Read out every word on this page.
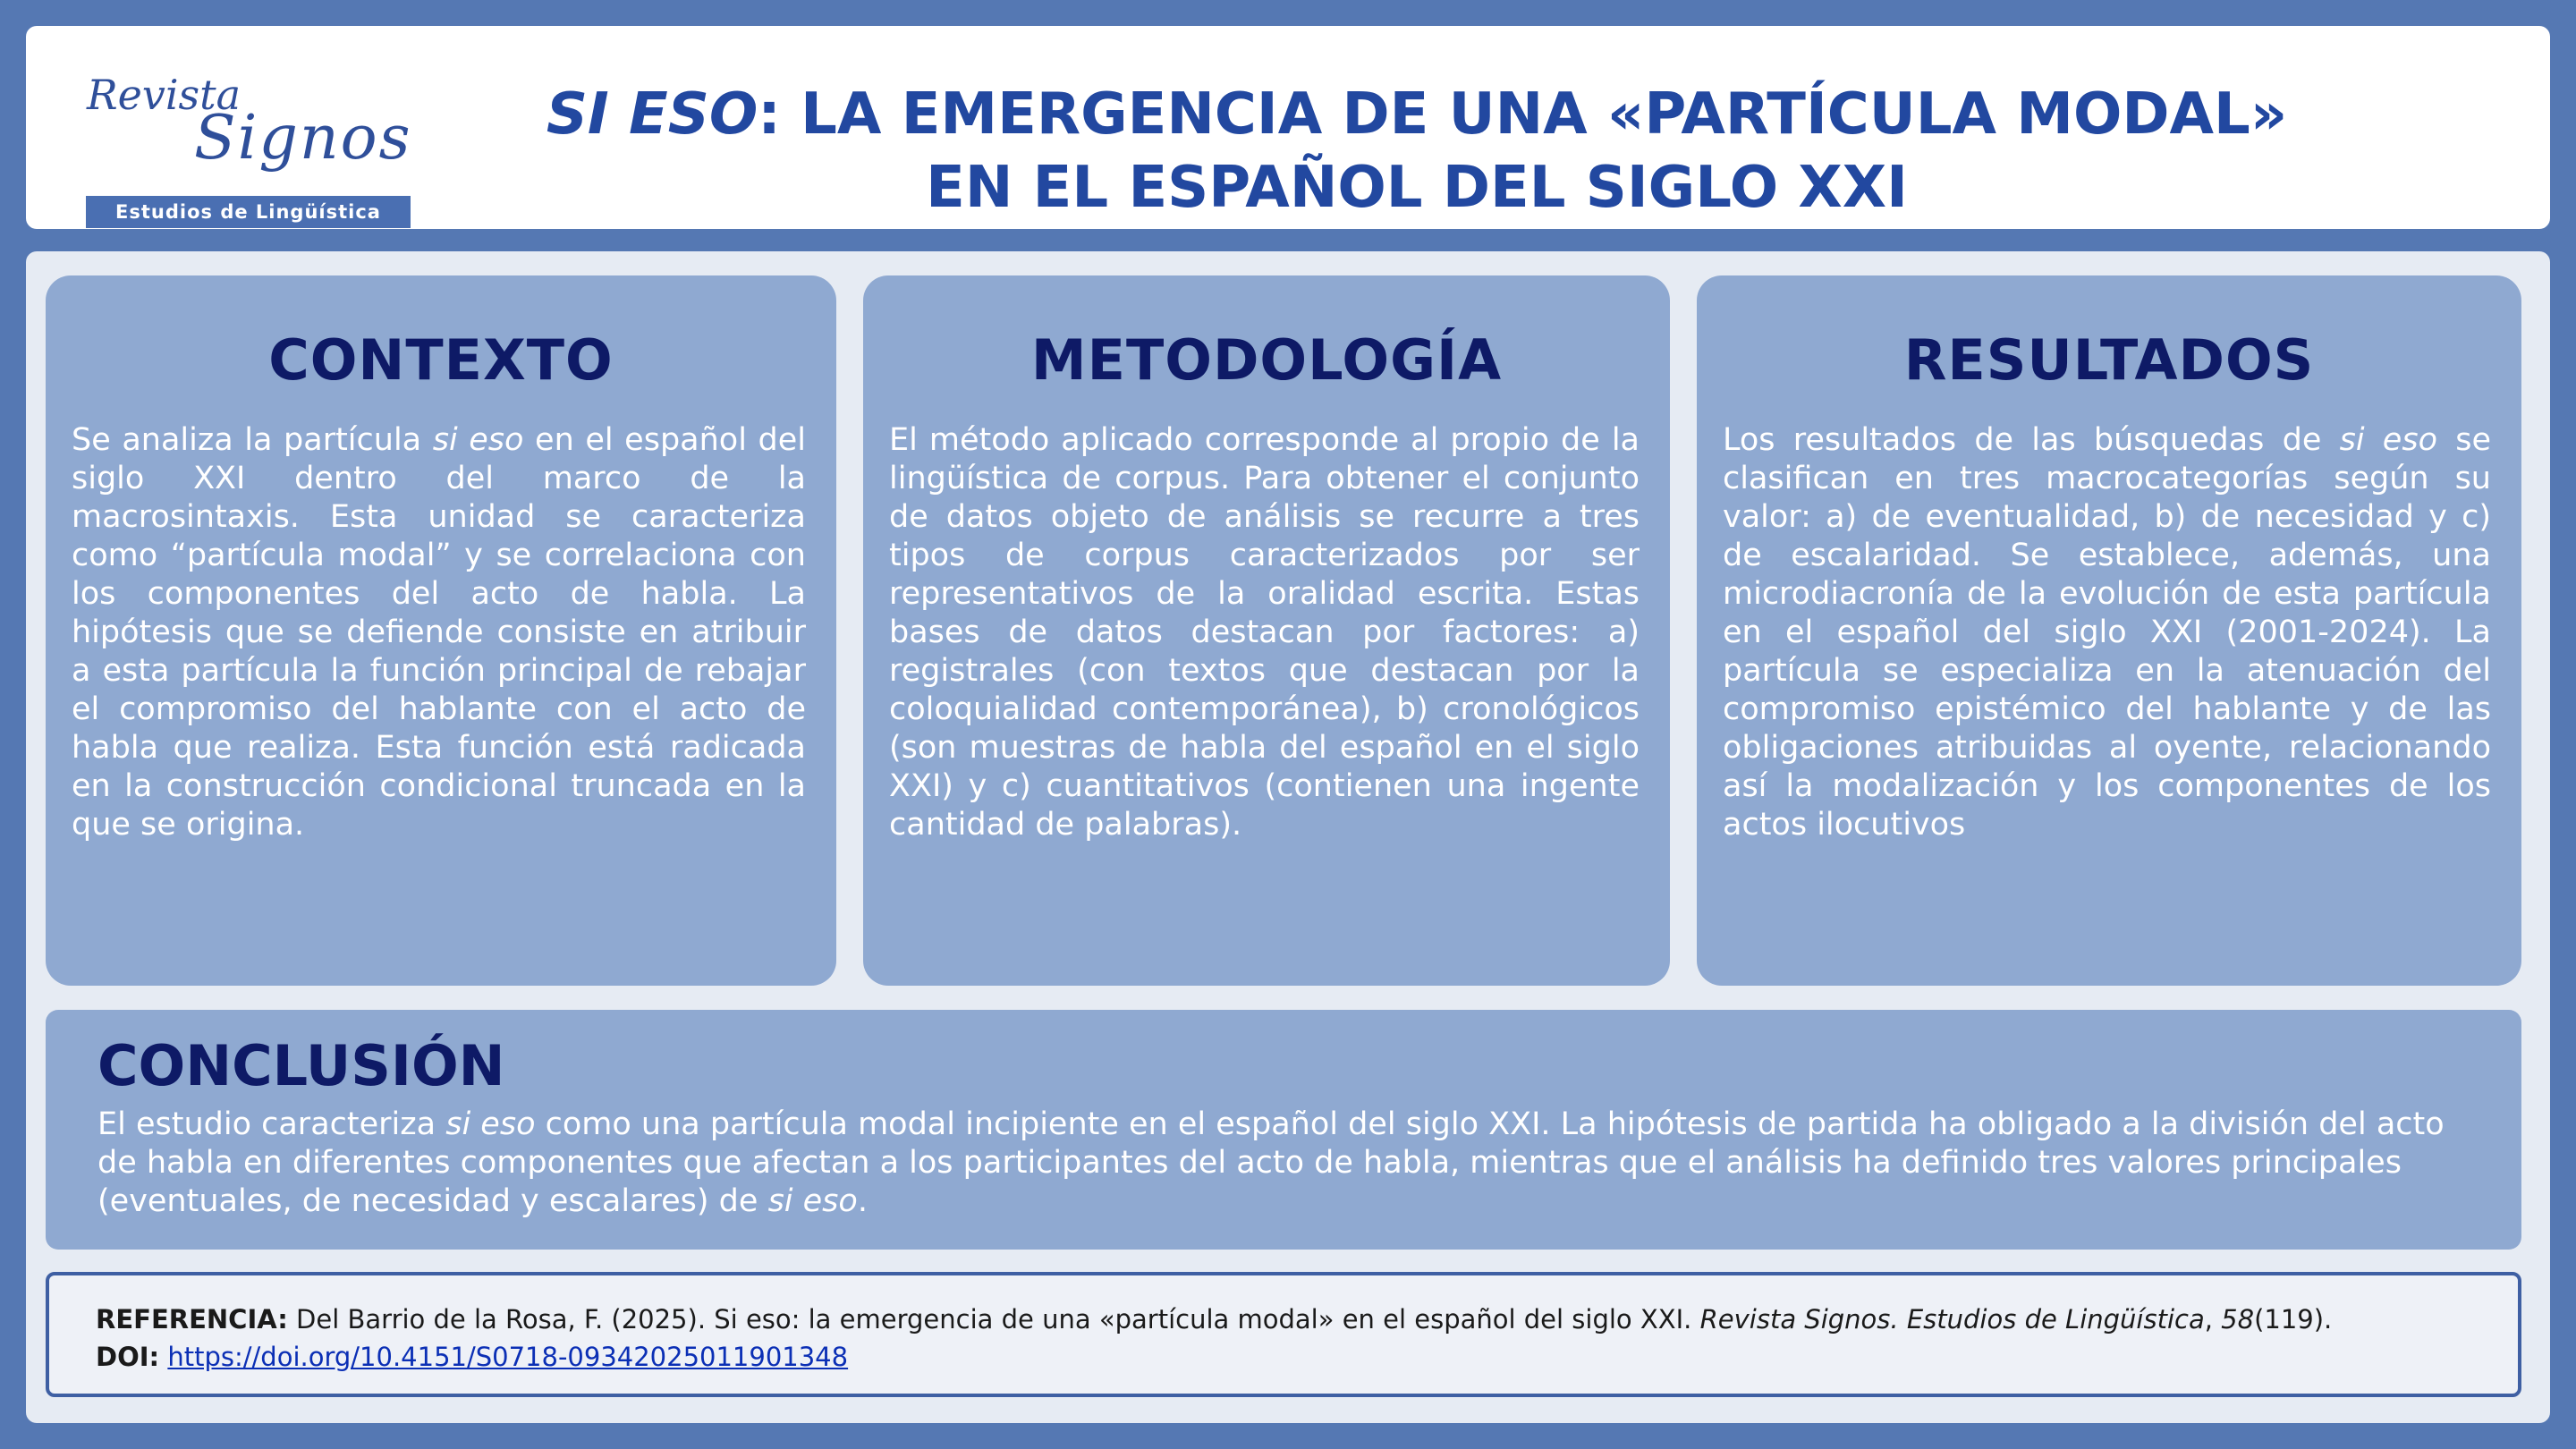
Revista
Signos
Estudios de Lingüística
SI ESO: LA EMERGENCIA DE UNA «PARTÍCULA MODAL»
EN EL ESPAÑOL DEL SIGLO XXI
CONTEXTO

Se analiza la partícula si eso en el español del siglo XXI dentro del marco de la macrosintaxis. Esta unidad se caracteriza como “partícula modal” y se correlaciona con los componentes del acto de habla. La hipótesis que se defiende consiste en atribuir a esta partícula la función principal de rebajar el compromiso del hablante con el acto de habla que realiza. Esta función está radicada en la construcción condicional truncada en la que se origina.

METODOLOGÍA

El método aplicado corresponde al propio de la lingüística de corpus. Para obtener el conjunto de datos objeto de análisis se recurre a tres tipos de corpus caracterizados por ser representativos de la oralidad escrita. Estas bases de datos destacan por factores: a) registrales (con textos que destacan por la coloquialidad contemporánea), b) cronológicos (son muestras de habla del español en el siglo XXI) y c) cuantitativos (contienen una ingente cantidad de palabras).

RESULTADOS

Los resultados de las búsquedas de si eso se clasifican en tres macrocategorías según su valor: a) de eventualidad, b) de necesidad y c) de escalaridad. Se establece, además, una microdiacronía de la evolución de esta partícula en el español del siglo XXI (2001-2024). La partícula se especializa en la atenuación del compromiso epistémico del hablante y de las obligaciones atribuidas al oyente, relacionando así la modalización y los componentes de los actos ilocutivos

CONCLUSIÓN

El estudio caracteriza si eso como una partícula modal incipiente en el español del siglo XXI. La hipótesis de partida ha obligado a la división del acto de habla en diferentes componentes que afectan a los participantes del acto de habla, mientras que el análisis ha definido tres valores principales (eventuales, de necesidad y escalares) de si eso.

REFERENCIA: Del Barrio de la Rosa, F. (2025). Si eso: la emergencia de una «partícula modal» en el español del siglo XXI. Revista Signos. Estudios de Lingüística, 58(119).
DOI: https://doi.org/10.4151/S0718-09342025011901348
